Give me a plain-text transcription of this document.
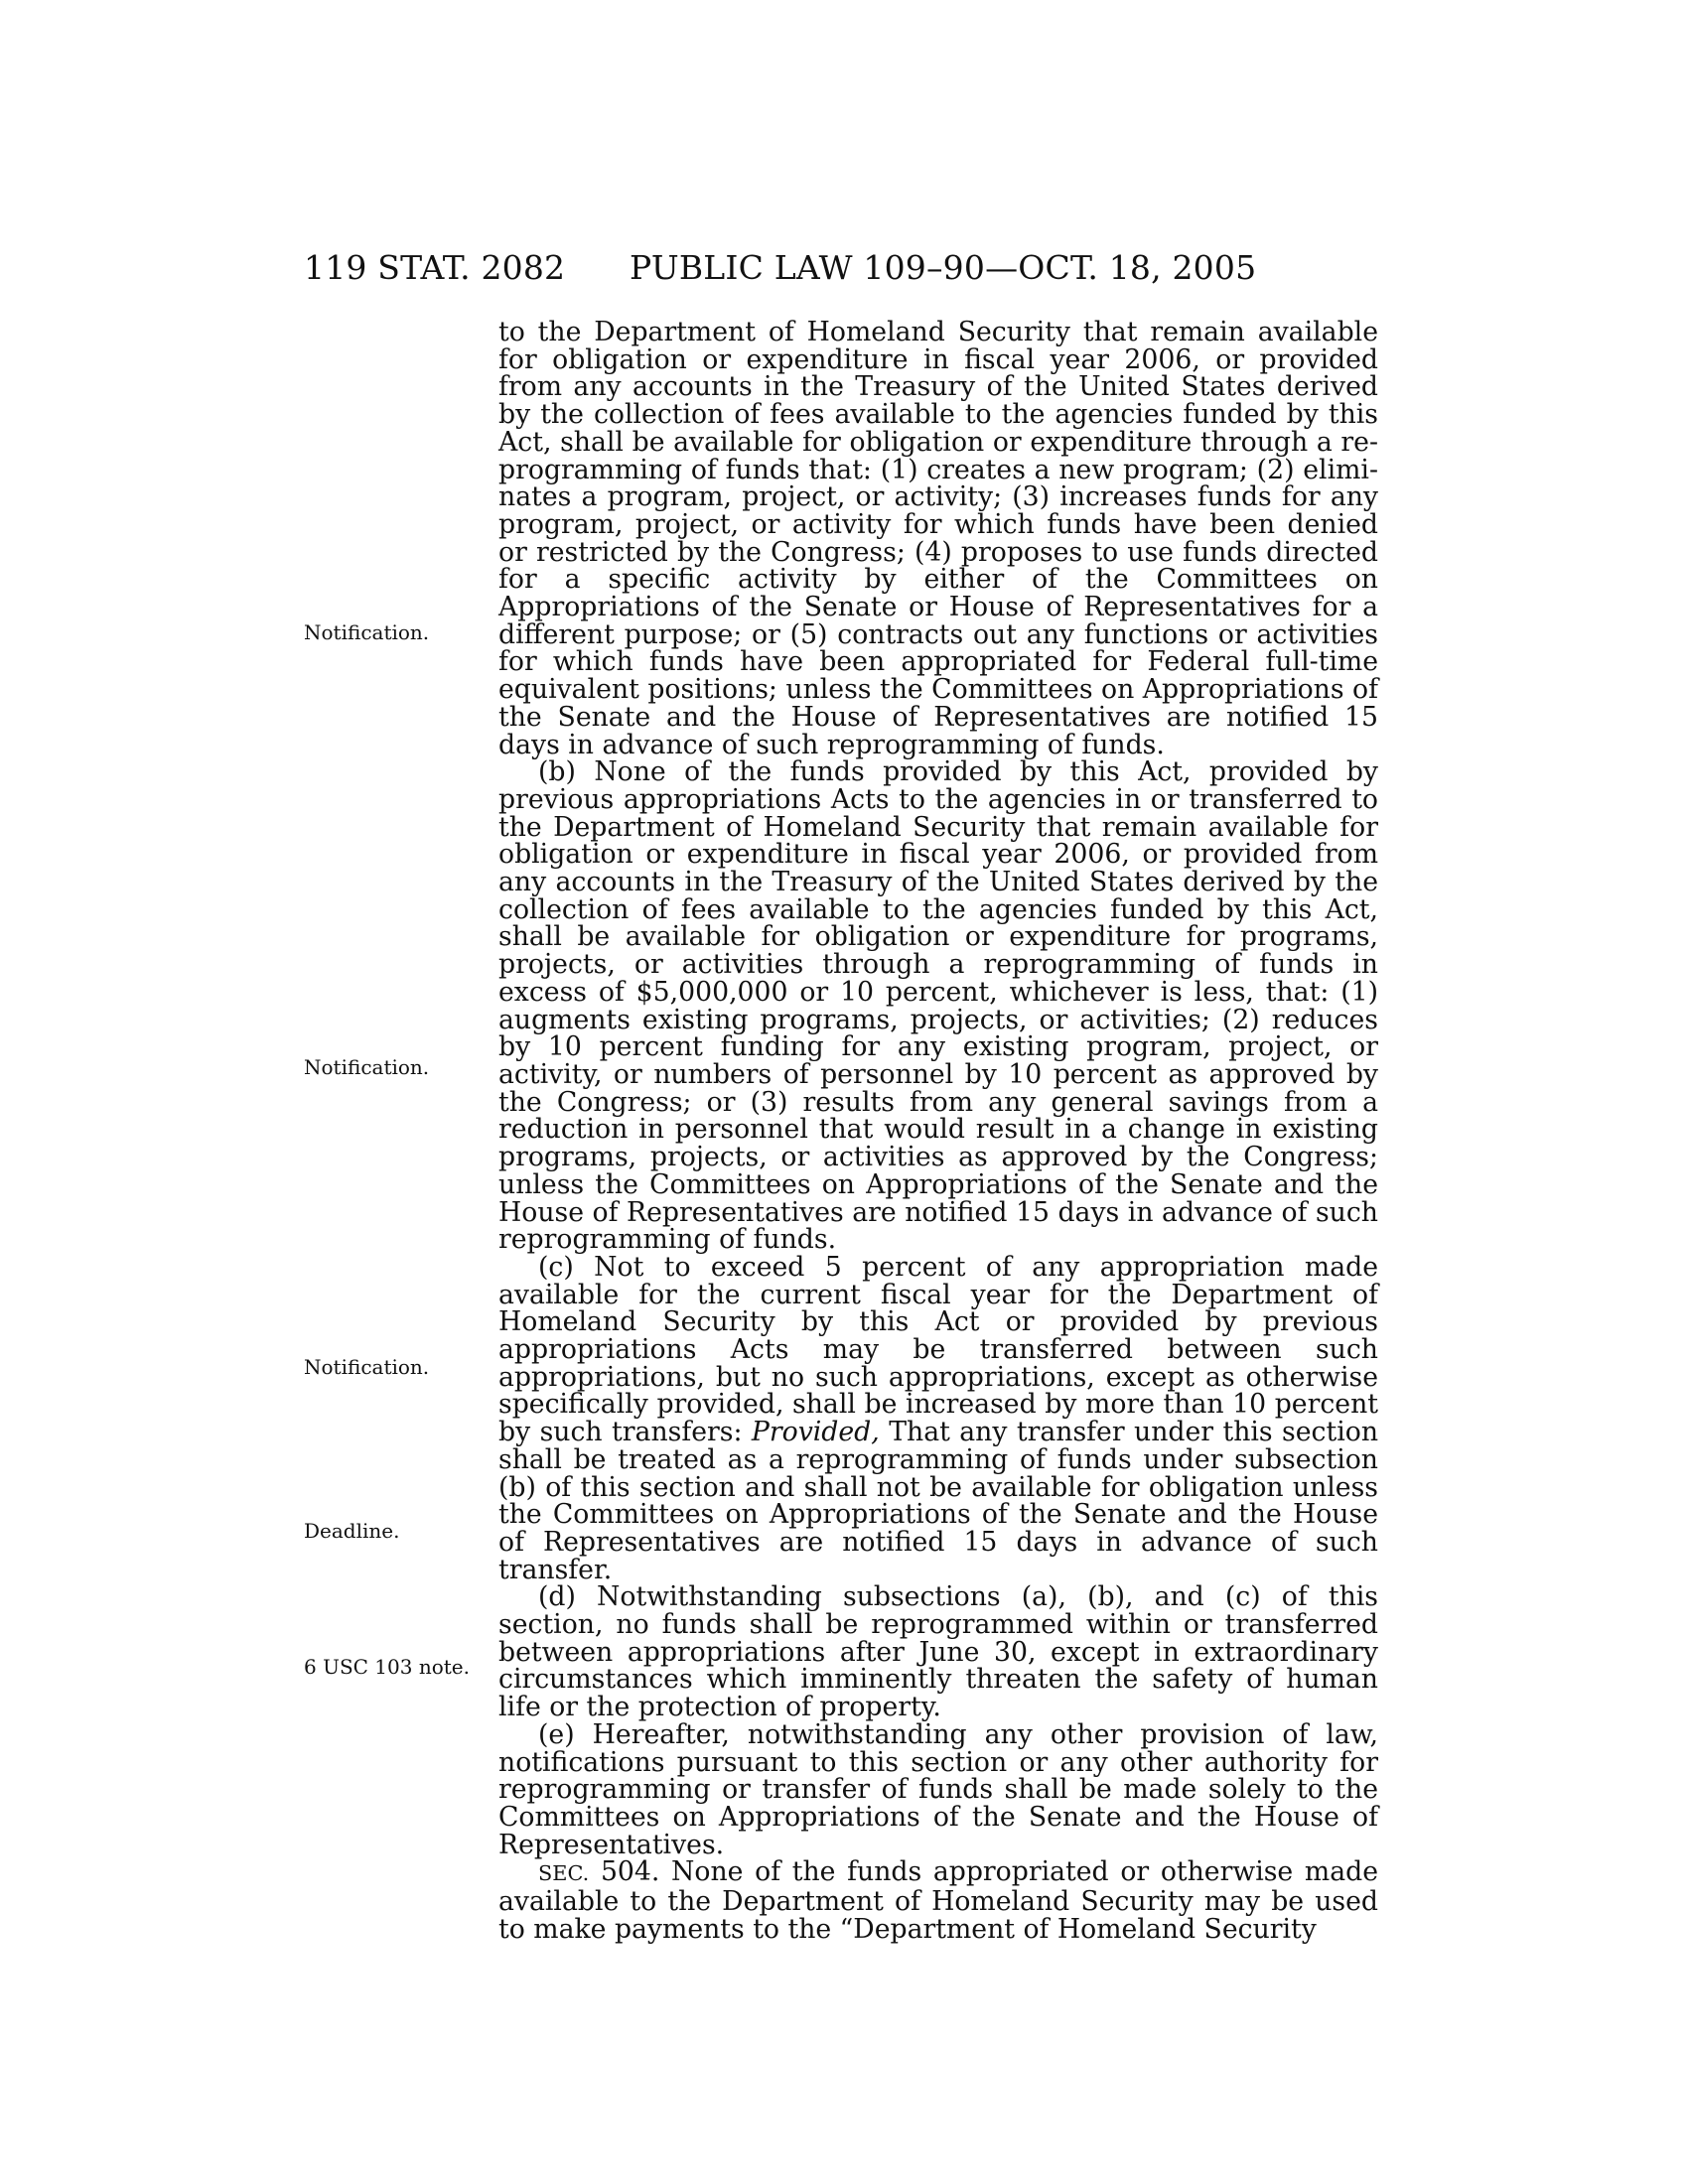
119 STAT. 2082 PUBLIC LAW 109–90—OCT. 18, 2005
Notification.
Notification.
Notification.
Deadline.
6 USC 103 note.

to the Department of Homeland Security that remain available for obligation or expenditure in fiscal year 2006, or provided from any accounts in the Treasury of the United States derived by the collection of fees available to the agencies funded by this Act, shall be available for obligation or expenditure through a reprogramming of funds that: (1) creates a new program; (2) eliminates a program, project, or activity; (3) increases funds for any program, project, or activity for which funds have been denied or restricted by the Congress; (4) proposes to use funds directed for a specific activity by either of the Committees on Appropriations of the Senate or House of Representatives for a different purpose; or (5) contracts out any functions or activities for which funds have been appropriated for Federal full-time equivalent positions; unless the Committees on Appropriations of the Senate and the House of Representatives are notified 15 days in advance of such reprogramming of funds.

(b) None of the funds provided by this Act, provided by previous appropriations Acts to the agencies in or transferred to the Department of Homeland Security that remain available for obligation or expenditure in fiscal year 2006, or provided from any accounts in the Treasury of the United States derived by the collection of fees available to the agencies funded by this Act, shall be available for obligation or expenditure for programs, projects, or activities through a reprogramming of funds in excess of $5,000,000 or 10 percent, whichever is less, that: (1) augments existing programs, projects, or activities; (2) reduces by 10 percent funding for any existing program, project, or activity, or numbers of personnel by 10 percent as approved by the Congress; or (3) results from any general savings from a reduction in personnel that would result in a change in existing programs, projects, or activities as approved by the Congress; unless the Committees on Appropriations of the Senate and the House of Representatives are notified 15 days in advance of such reprogramming of funds.

(c) Not to exceed 5 percent of any appropriation made available for the current fiscal year for the Department of Homeland Security by this Act or provided by previous appropriations Acts may be transferred between such appropriations, but no such appropriations, except as otherwise specifically provided, shall be increased by more than 10 percent by such transfers: Provided, That any transfer under this section shall be treated as a reprogramming of funds under subsection (b) of this section and shall not be available for obligation unless the Committees on Appropriations of the Senate and the House of Representatives are notified 15 days in advance of such transfer.

(d) Notwithstanding subsections (a), (b), and (c) of this section, no funds shall be reprogrammed within or transferred between appropriations after June 30, except in extraordinary circumstances which imminently threaten the safety of human life or the protection of property.

(e) Hereafter, notwithstanding any other provision of law, notifications pursuant to this section or any other authority for reprogramming or transfer of funds shall be made solely to the Committees on Appropriations of the Senate and the House of Representatives.

SEC. 504. None of the funds appropriated or otherwise made available to the Department of Homeland Security may be used to make payments to the “Department of Homeland Security
